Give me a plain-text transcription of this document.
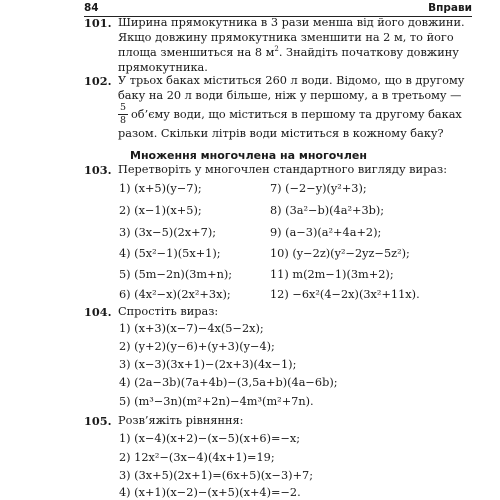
84	Вправи
101. Ширина прямокутника в 3 рази менша від його довжини.
Якщо довжину прямокутника зменшити на 2 м, то його
площа зменшиться на 8 $м^2$. Знайдіть початкову довжину
прямокутника.
102. У трьох баках міститься 260 л води. Відомо, що в другому
баку на 20 л води більше, ніж у першому, а в третьому —
5
8 об’єму води, що міститься в першому та другому баках
разом. Скільки літрів води міститься в кожному баку?
Множення многочлена на многочлен
103. Перетворіть у многочлен стандартного вигляду вираз:
1) (x+5)(y−7);
2) (x−1)(x+5);
3) (3x−5)(2x+7);
4) (5x²−1)(5x+1);
5) (5m−2n)(3m+n);
6) (4x²−x)(2x²+3x);
7) (−2−y)(y²+3);
8) (3a²−b)(4a²+3b);
9) (a−3)(a²+4a+2);
10) (y−2z)(y²−2yz−5z²);
11) m(2m−1)(3m+2);
12) −6x²(4−2x)(3x²+11x).
104. Спростіть вираз:
1) (x+3)(x−7)−4x(5−2x);
2) (y+2)(y−6)+(y+3)(y−4);
3) (x−3)(3x+1)−(2x+3)(4x−1);
4) (2a−3b)(7a+4b)−(3,5a+b)(4a−6b);
5) (m³−3n)(m²+2n)−4m³(m²+7n).
105. Розв’яжіть рівняння:
1) (x−4)(x+2)−(x−5)(x+6)=−x;
2) 12x²−(3x−4)(4x+1)=19;
3) (3x+5)(2x+1)=(6x+5)(x−3)+7;
4) (x+1)(x−2)−(x+5)(x+4)=−2.
